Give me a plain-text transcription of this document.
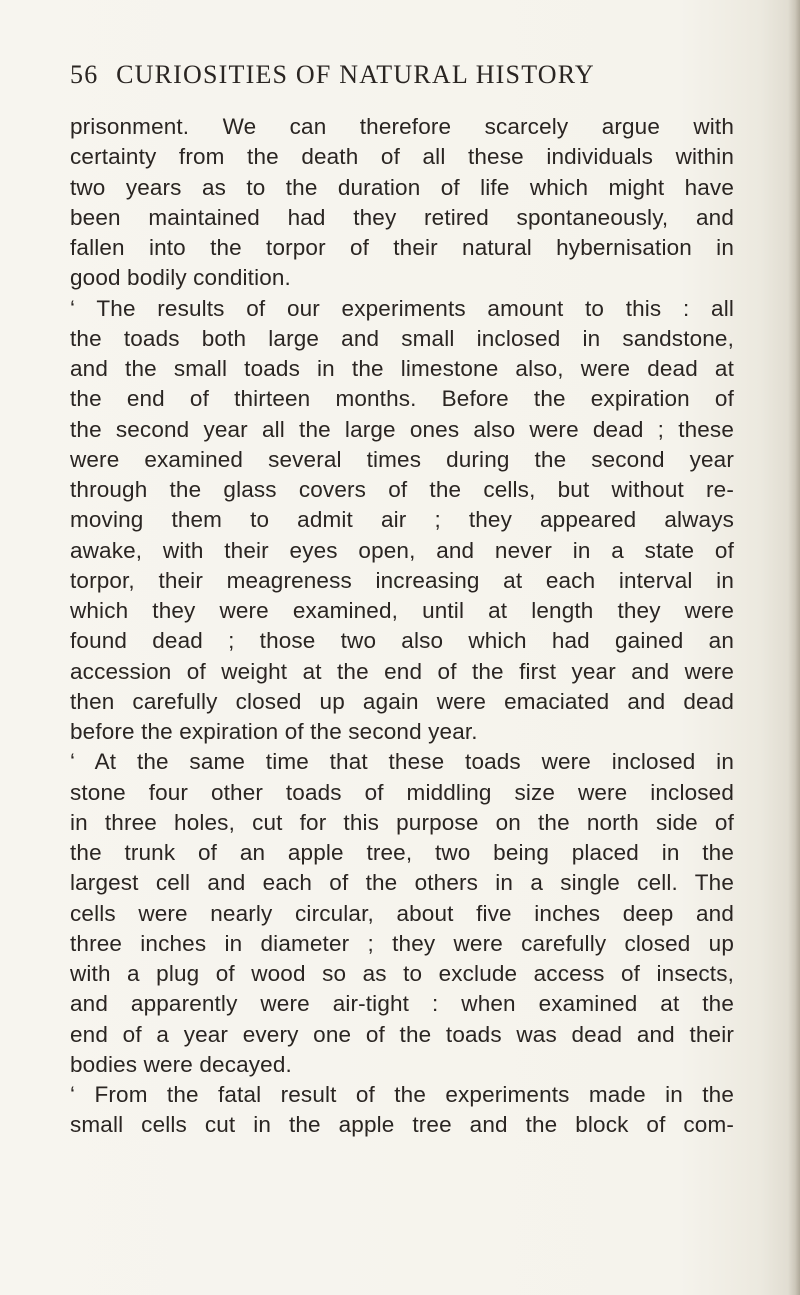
56 CURIOSITIES OF NATURAL HISTORY
prisonment. We can therefore scarcely argue with
certainty from the death of all these individuals within
two years as to the duration of life which might have
been maintained had they retired spontaneously, and
fallen into the torpor of their natural hybernisation in
good bodily condition.
‘ The results of our experiments amount to this : all
the toads both large and small inclosed in sandstone,
and the small toads in the limestone also, were dead at
the end of thirteen months. Before the expiration of
the second year all the large ones also were dead ; these
were examined several times during the second year
through the glass covers of the cells, but without re-
moving them to admit air ; they appeared always
awake, with their eyes open, and never in a state of
torpor, their meagreness increasing at each interval in
which they were examined, until at length they were
found dead ; those two also which had gained an
accession of weight at the end of the first year and were
then carefully closed up again were emaciated and dead
before the expiration of the second year.
‘ At the same time that these toads were inclosed in
stone four other toads of middling size were inclosed
in three holes, cut for this purpose on the north side of
the trunk of an apple tree, two being placed in the
largest cell and each of the others in a single cell. The
cells were nearly circular, about five inches deep and
three inches in diameter ; they were carefully closed up
with a plug of wood so as to exclude access of insects,
and apparently were air-tight : when examined at the
end of a year every one of the toads was dead and their
bodies were decayed.
‘ From the fatal result of the experiments made in the
small cells cut in the apple tree and the block of com-
